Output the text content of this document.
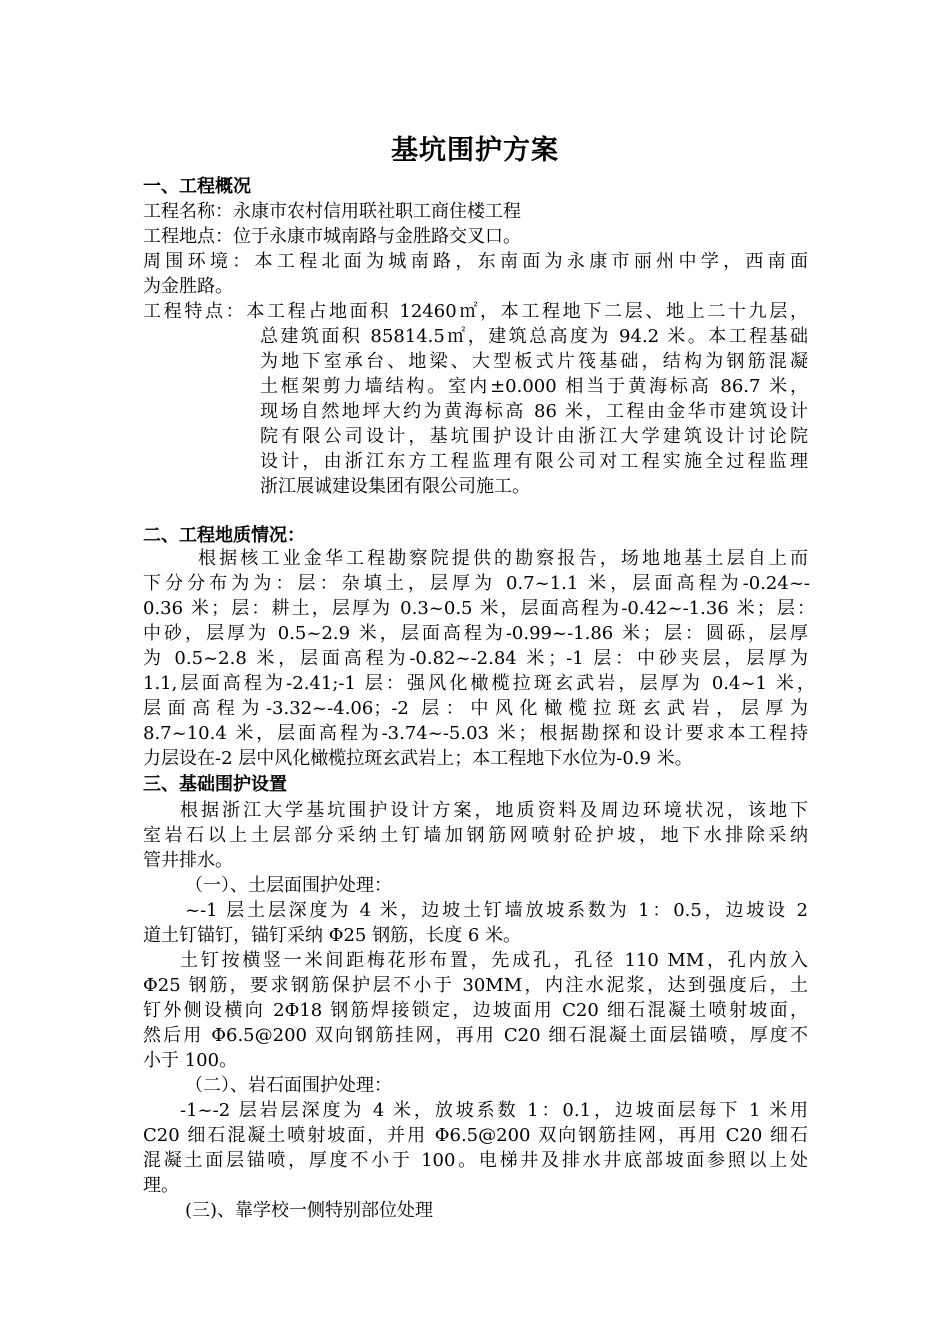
基坑围护方案
一、工程概况
工程名称：永康市农村信用联社职工商住楼工程
工程地点：位于永康市城南路与金胜路交叉口。
周围环境：本工程北面为城南路，东南面为永康市丽州中学，西南面
为金胜路。
工程特点：本工程占地面积 12460㎡，本工程地下二层、地上二十九层，
总建筑面积 85814.5㎡，建筑总高度为 94.2 米。本工程基础
为地下室承台、地梁、大型板式片筏基础，结构为钢筋混凝
土框架剪力墙结构。室内±0.000 相当于黄海标高 86.7 米，
现场自然地坪大约为黄海标高 86 米，工程由金华市建筑设计
院有限公司设计，基坑围护设计由浙江大学建筑设计讨论院
设计，由浙江东方工程监理有限公司对工程实施全过程监理
浙江展诚建设集团有限公司施工。
二、工程地质情况：
根据核工业金华工程勘察院提供的勘察报告，场地地基土层自上而
下分分布为为：层：杂填土，层厚为 0.7~1.1 米，层面高程为-0.24~-
0.36 米；层：耕土，层厚为 0.3~0.5 米，层面高程为-0.42~-1.36 米；层：
中砂，层厚为 0.5~2.9 米，层面高程为-0.99~-1.86 米；层：圆砾，层厚
为 0.5~2.8 米，层面高程为-0.82~-2.84 米；-1 层：中砂夹层，层厚为
1.1,层面高程为-2.41;-1 层：强风化橄榄拉斑玄武岩，层厚为 0.4~1 米，
层面高程为-3.32~-4.06；-2 层：中风化橄榄拉斑玄武岩，层厚为
8.7~10.4 米，层面高程为-3.74~-5.03 米；根据勘探和设计要求本工程持
力层设在-2 层中风化橄榄拉斑玄武岩上；本工程地下水位为-0.9 米。
三、基础围护设置
根据浙江大学基坑围护设计方案，地质资料及周边环境状况，该地下
室岩石以上土层部分采纳土钉墙加钢筋网喷射砼护坡，地下水排除采纳
管井排水。
（一）、土层面围护处理：
~-1 层土层深度为 4 米，边坡土钉墙放坡系数为 1：0.5，边坡设 2
道土钉锚钉，锚钉采纳 Φ25 钢筋，长度 6 米。
土钉按横竖一米间距梅花形布置，先成孔，孔径 110 MM，孔内放入
Φ25 钢筋，要求钢筋保护层不小于 30MM，内注水泥浆，达到强度后，土
钉外侧设横向 2Φ18 钢筋焊接锁定，边坡面用 C20 细石混凝土喷射坡面，
然后用 Φ6.5@200 双向钢筋挂网，再用 C20 细石混凝土面层锚喷，厚度不
小于 100。
（二）、岩石面围护处理：
-1~-2 层岩层深度为 4 米，放坡系数 1：0.1，边坡面层每下 1 米用
C20 细石混凝土喷射坡面，并用 Φ6.5@200 双向钢筋挂网，再用 C20 细石
混凝土面层锚喷，厚度不小于 100。电梯井及排水井底部坡面参照以上处
理。
(三)、靠学校一侧特别部位处理
